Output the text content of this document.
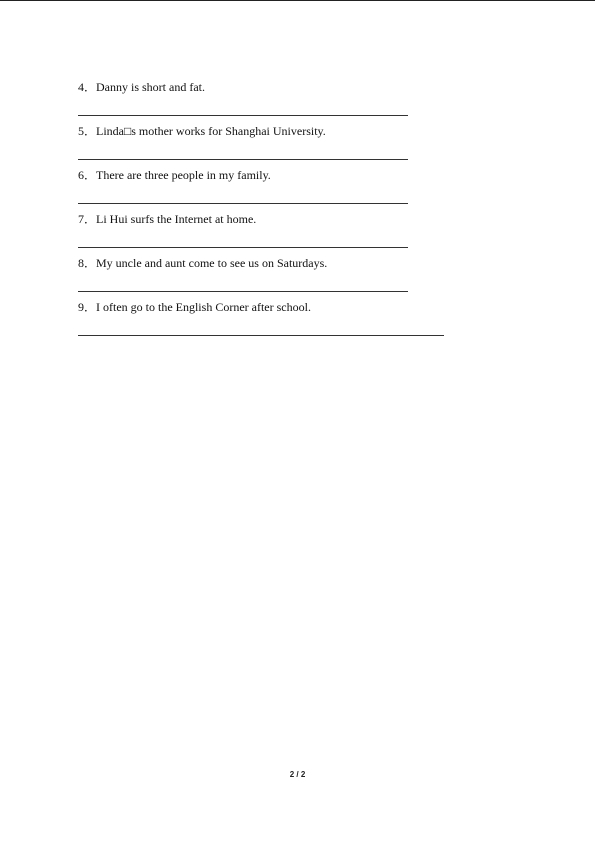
4．Danny is short and fat.
5．Linda□s mother works for Shanghai University.
6．There are three people in my family.
7．Li Hui surfs the Internet at home.
8．My uncle and aunt come to see us on Saturdays.
9．I often go to the English Corner after school.
2 / 2
